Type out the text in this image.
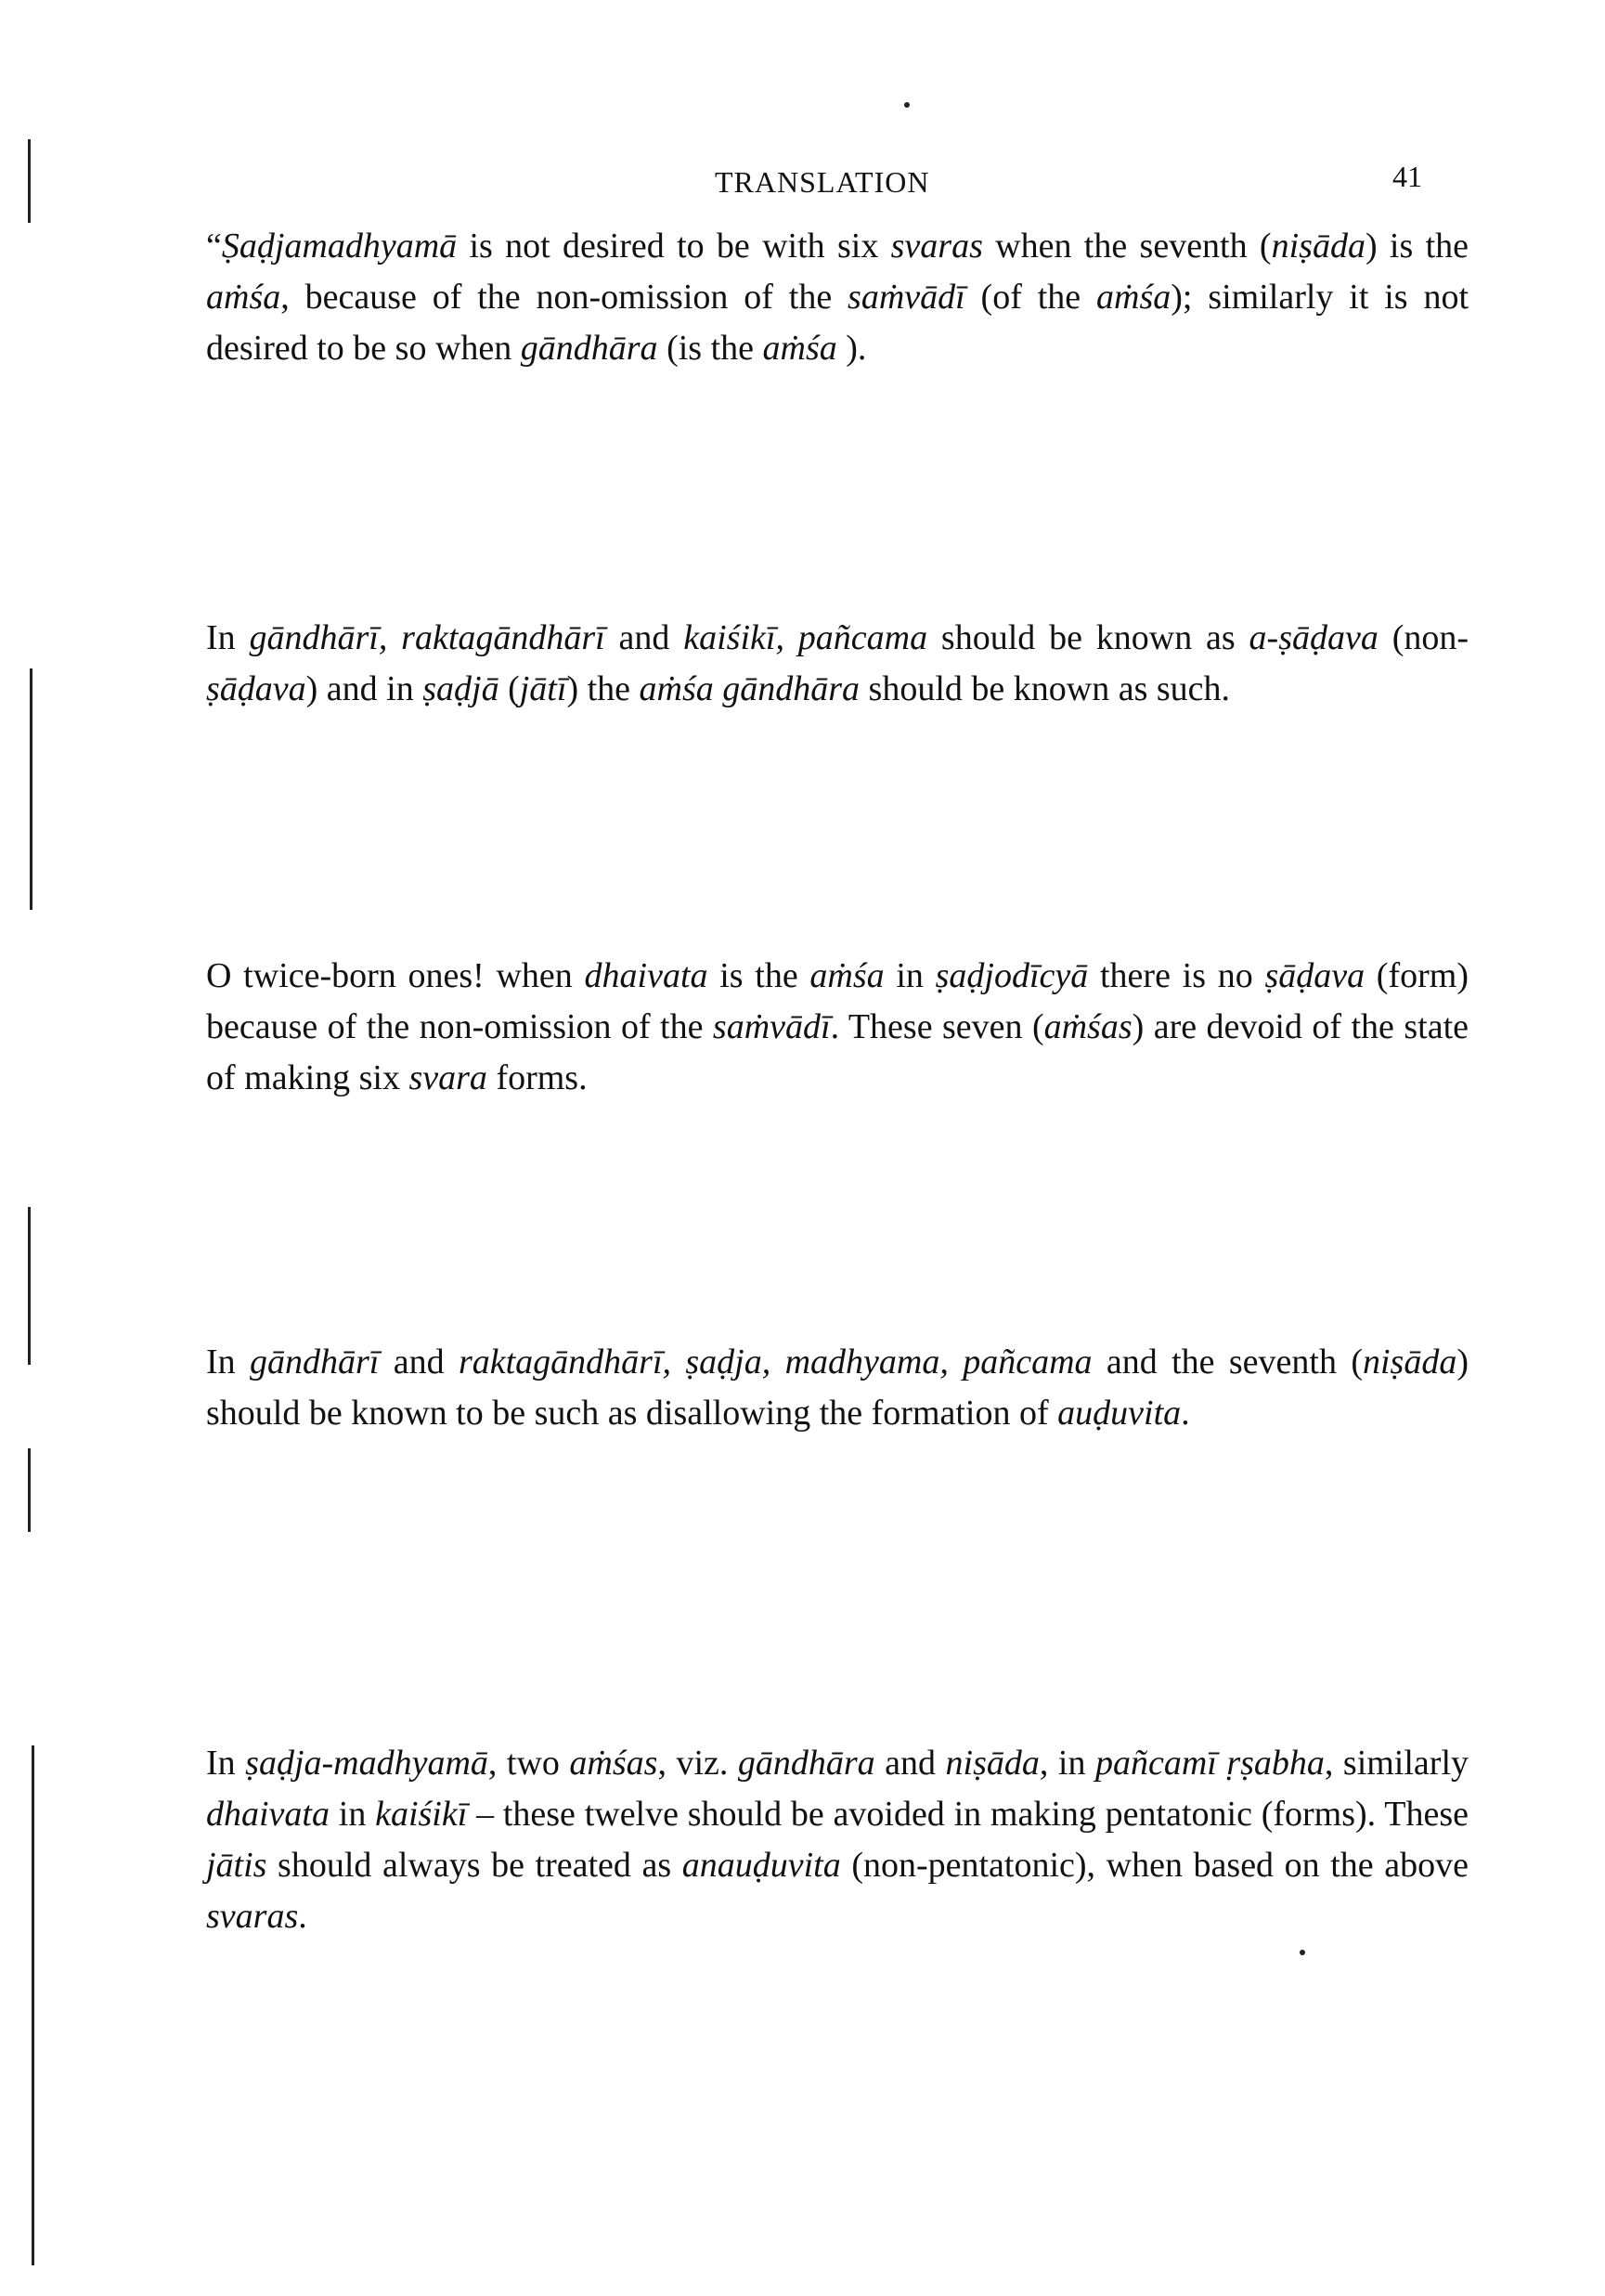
TRANSLATION	41

“Ṣaḍjamadhyamā is not desired to be with six svaras when the seventh (niṣāda) is the aṁśa, because of the non-omission of the saṁvādī (of the aṁśa); similarly it is not desired to be so when gāndhāra (is the aṁśa ).

In gāndhārī, raktagāndhārī and kaiśikī, pañcama should be known as a-ṣāḍava (non-ṣāḍava) and in ṣaḍjā (jātī) the aṁśa gāndhāra should be known as such.

O twice-born ones! when dhaivata is the aṁśa in ṣaḍjodīcyā there is no ṣāḍava (form) because of the non-omission of the saṁvādī. These seven (aṁśas) are devoid of the state of making six svara forms.

In gāndhārī and raktagāndhārī, ṣaḍja, madhyama, pañcama and the seventh (niṣāda) should be known to be such as disallowing the formation of auḍuvita.

In ṣaḍja-madhyamā, two aṁśas, viz. gāndhāra and niṣāda, in pañcamī ṛṣabha, similarly dhaivata in kaiśikī – these twelve should be avoided in making pentatonic (forms). These jātis should always be treated as anauḍuvita (non-pentatonic), when based on the above svaras.
